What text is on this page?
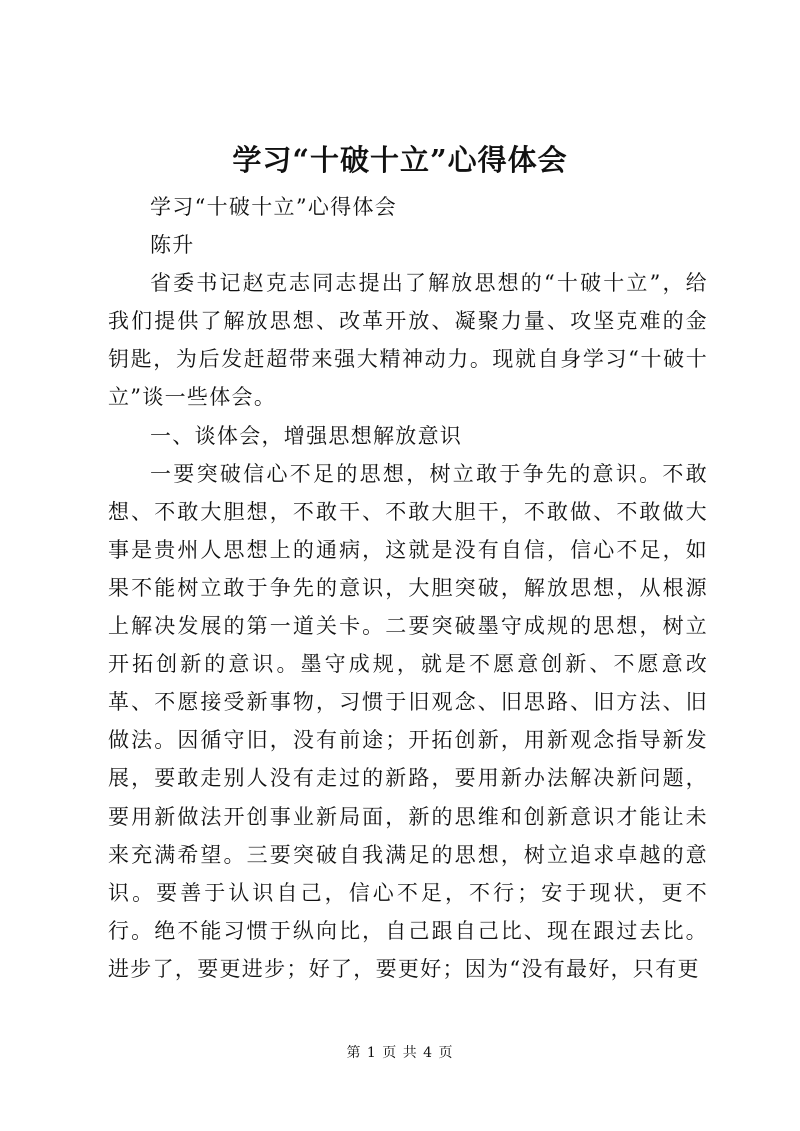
学习“十破十立”心得体会

学习“十破十立”心得体会

陈升

省委书记赵克志同志提出了解放思想的“十破十立”，给我们提供了解放思想、改革开放、凝聚力量、攻坚克难的金钥匙，为后发赶超带来强大精神动力。现就自身学习“十破十立”谈一些体会。

一、谈体会，增强思想解放意识

一要突破信心不足的思想，树立敢于争先的意识。不敢想、不敢大胆想，不敢干、不敢大胆干，不敢做、不敢做大事是贵州人思想上的通病，这就是没有自信，信心不足，如果不能树立敢于争先的意识，大胆突破，解放思想，从根源上解决发展的第一道关卡。二要突破墨守成规的思想，树立开拓创新的意识。墨守成规，就是不愿意创新、不愿意改革、不愿接受新事物，习惯于旧观念、旧思路、旧方法、旧做法。因循守旧，没有前途；开拓创新，用新观念指导新发展，要敢走别人没有走过的新路，要用新办法解决新问题，要用新做法开创事业新局面，新的思维和创新意识才能让未来充满希望。三要突破自我满足的思想，树立追求卓越的意识。要善于认识自己，信心不足，不行；安于现状，更不行。绝不能习惯于纵向比，自己跟自己比、现在跟过去比。进步了，要更进步；好了，要更好；因为“没有最好，只有更

第 1 页 共 4 页
